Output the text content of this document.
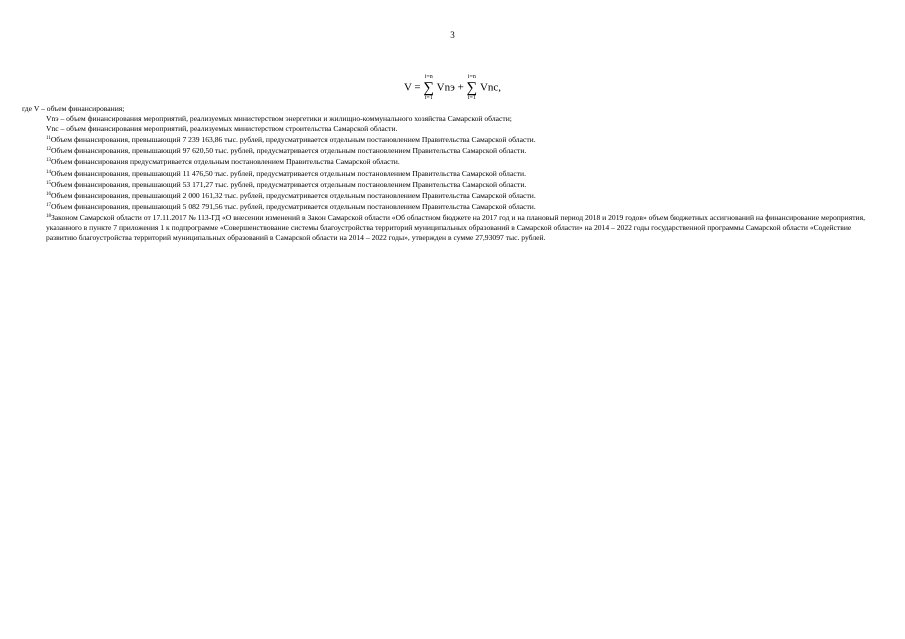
3
V =
i=n
∑
i=1
Vnэ +
i=n
∑
i=1
Vnc,
где V – объем финансирования;
Vnэ – объем финансирования мероприятий, реализуемых министерством энергетики и жилищно-коммунального хозяйства Самарской области;
Vnс – объем финансирования мероприятий, реализуемых министерством строительства Самарской области.
$^{11}$Объем финансирования, превышающий 7 239 163,86 тыс. рублей, предусматривается отдельным постановлением Правительства Самарской области.
$^{12}$Объем финансирования, превышающий 97 620,50 тыс. рублей, предусматривается отдельным постановлением Правительства Самарской области.
$^{13}$Объем финансирования предусматривается отдельным постановлением Правительства Самарской области.
$^{14}$Объем финансирования, превышающий 11 476,50 тыс. рублей, предусматривается отдельным постановлением Правительства Самарской области.
$^{15}$Объем финансирования, превышающий 53 171,27 тыс. рублей, предусматривается отдельным постановлением Правительства Самарской области.
$^{16}$Объем финансирования, превышающий 2 000 161,32 тыс. рублей, предусматривается отдельным постановлением Правительства Самарской области.
$^{17}$Объем финансирования, превышающий 5 082 791,56 тыс. рублей, предусматривается отдельным постановлением Правительства Самарской области.
$^{18}$Законом Самарской области от 17.11.2017 № 113-ГД «О внесении изменений в Закон Самарской области «Об областном бюджете на 2017 год и на плановый период 2018 и 2019 годов» объем бюджетных ассигнований на финансирование мероприятия, указанного в пункте 7 приложения 1 к подпрограмме «Совершенствование системы благоустройства территорий муниципальных образований в Самарской области» на 2014 – 2022 годы государственной программы Самарской области «Содействие развитию благоустройства территорий муниципальных образований в Самарской области на 2014 – 2022 годы», утвержден в сумме 27,93097 тыс. рублей.
